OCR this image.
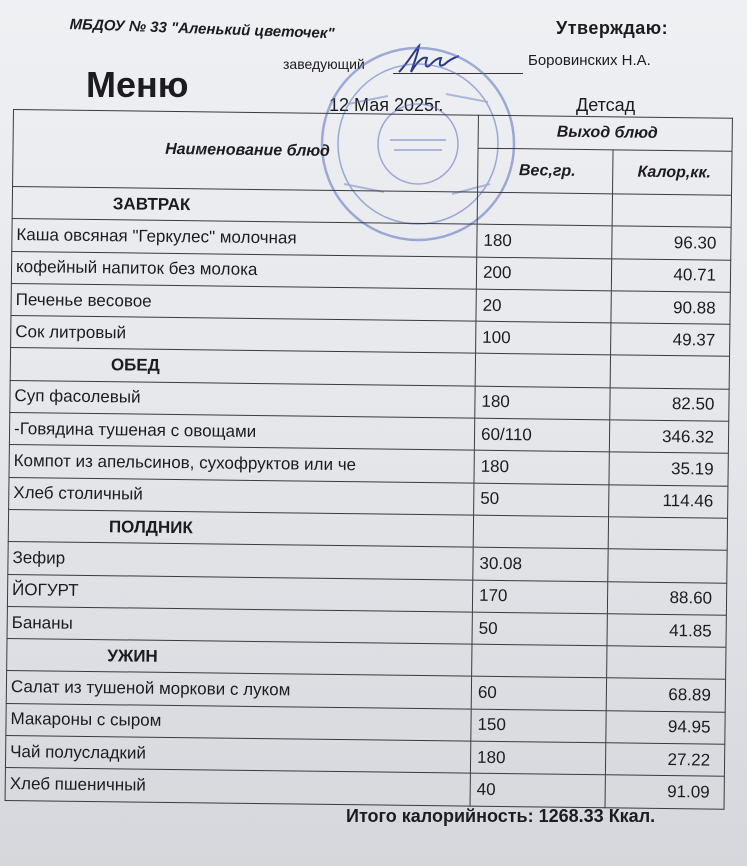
МБДОУ № 33 "Аленький цветочек"	Утверждаю:
заведующий	Боровинских Н.А.
Меню	12 Мая 2025г.	Детсад
Наименование блюд	Выход блюд	
	Вес,гр.	Калор,кк.
ЗАВТРАК		
Каша овсяная "Геркулес" молочная	180	96.30
кофейный напиток без молока	200	40.71
Печенье весовое	20	90.88
Сок литровый	100	49.37
ОБЕД		
Суп фасолевый	180	82.50
-Говядина тушеная с овощами	60/110	346.32
Компот из апельсинов, сухофруктов или че	180	35.19
Хлеб столичный	50	114.46
ПОЛДНИК		
Зефир	30.08	
ЙОГУРТ	170	88.60
Бананы	50	41.85
УЖИН		
Салат из тушеной моркови с луком	60	68.89
Макароны с сыром	150	94.95
Чай полусладкий	180	27.22
Хлеб пшеничный	40	91.09
Итого калорийность: 1268.33 Ккал.
